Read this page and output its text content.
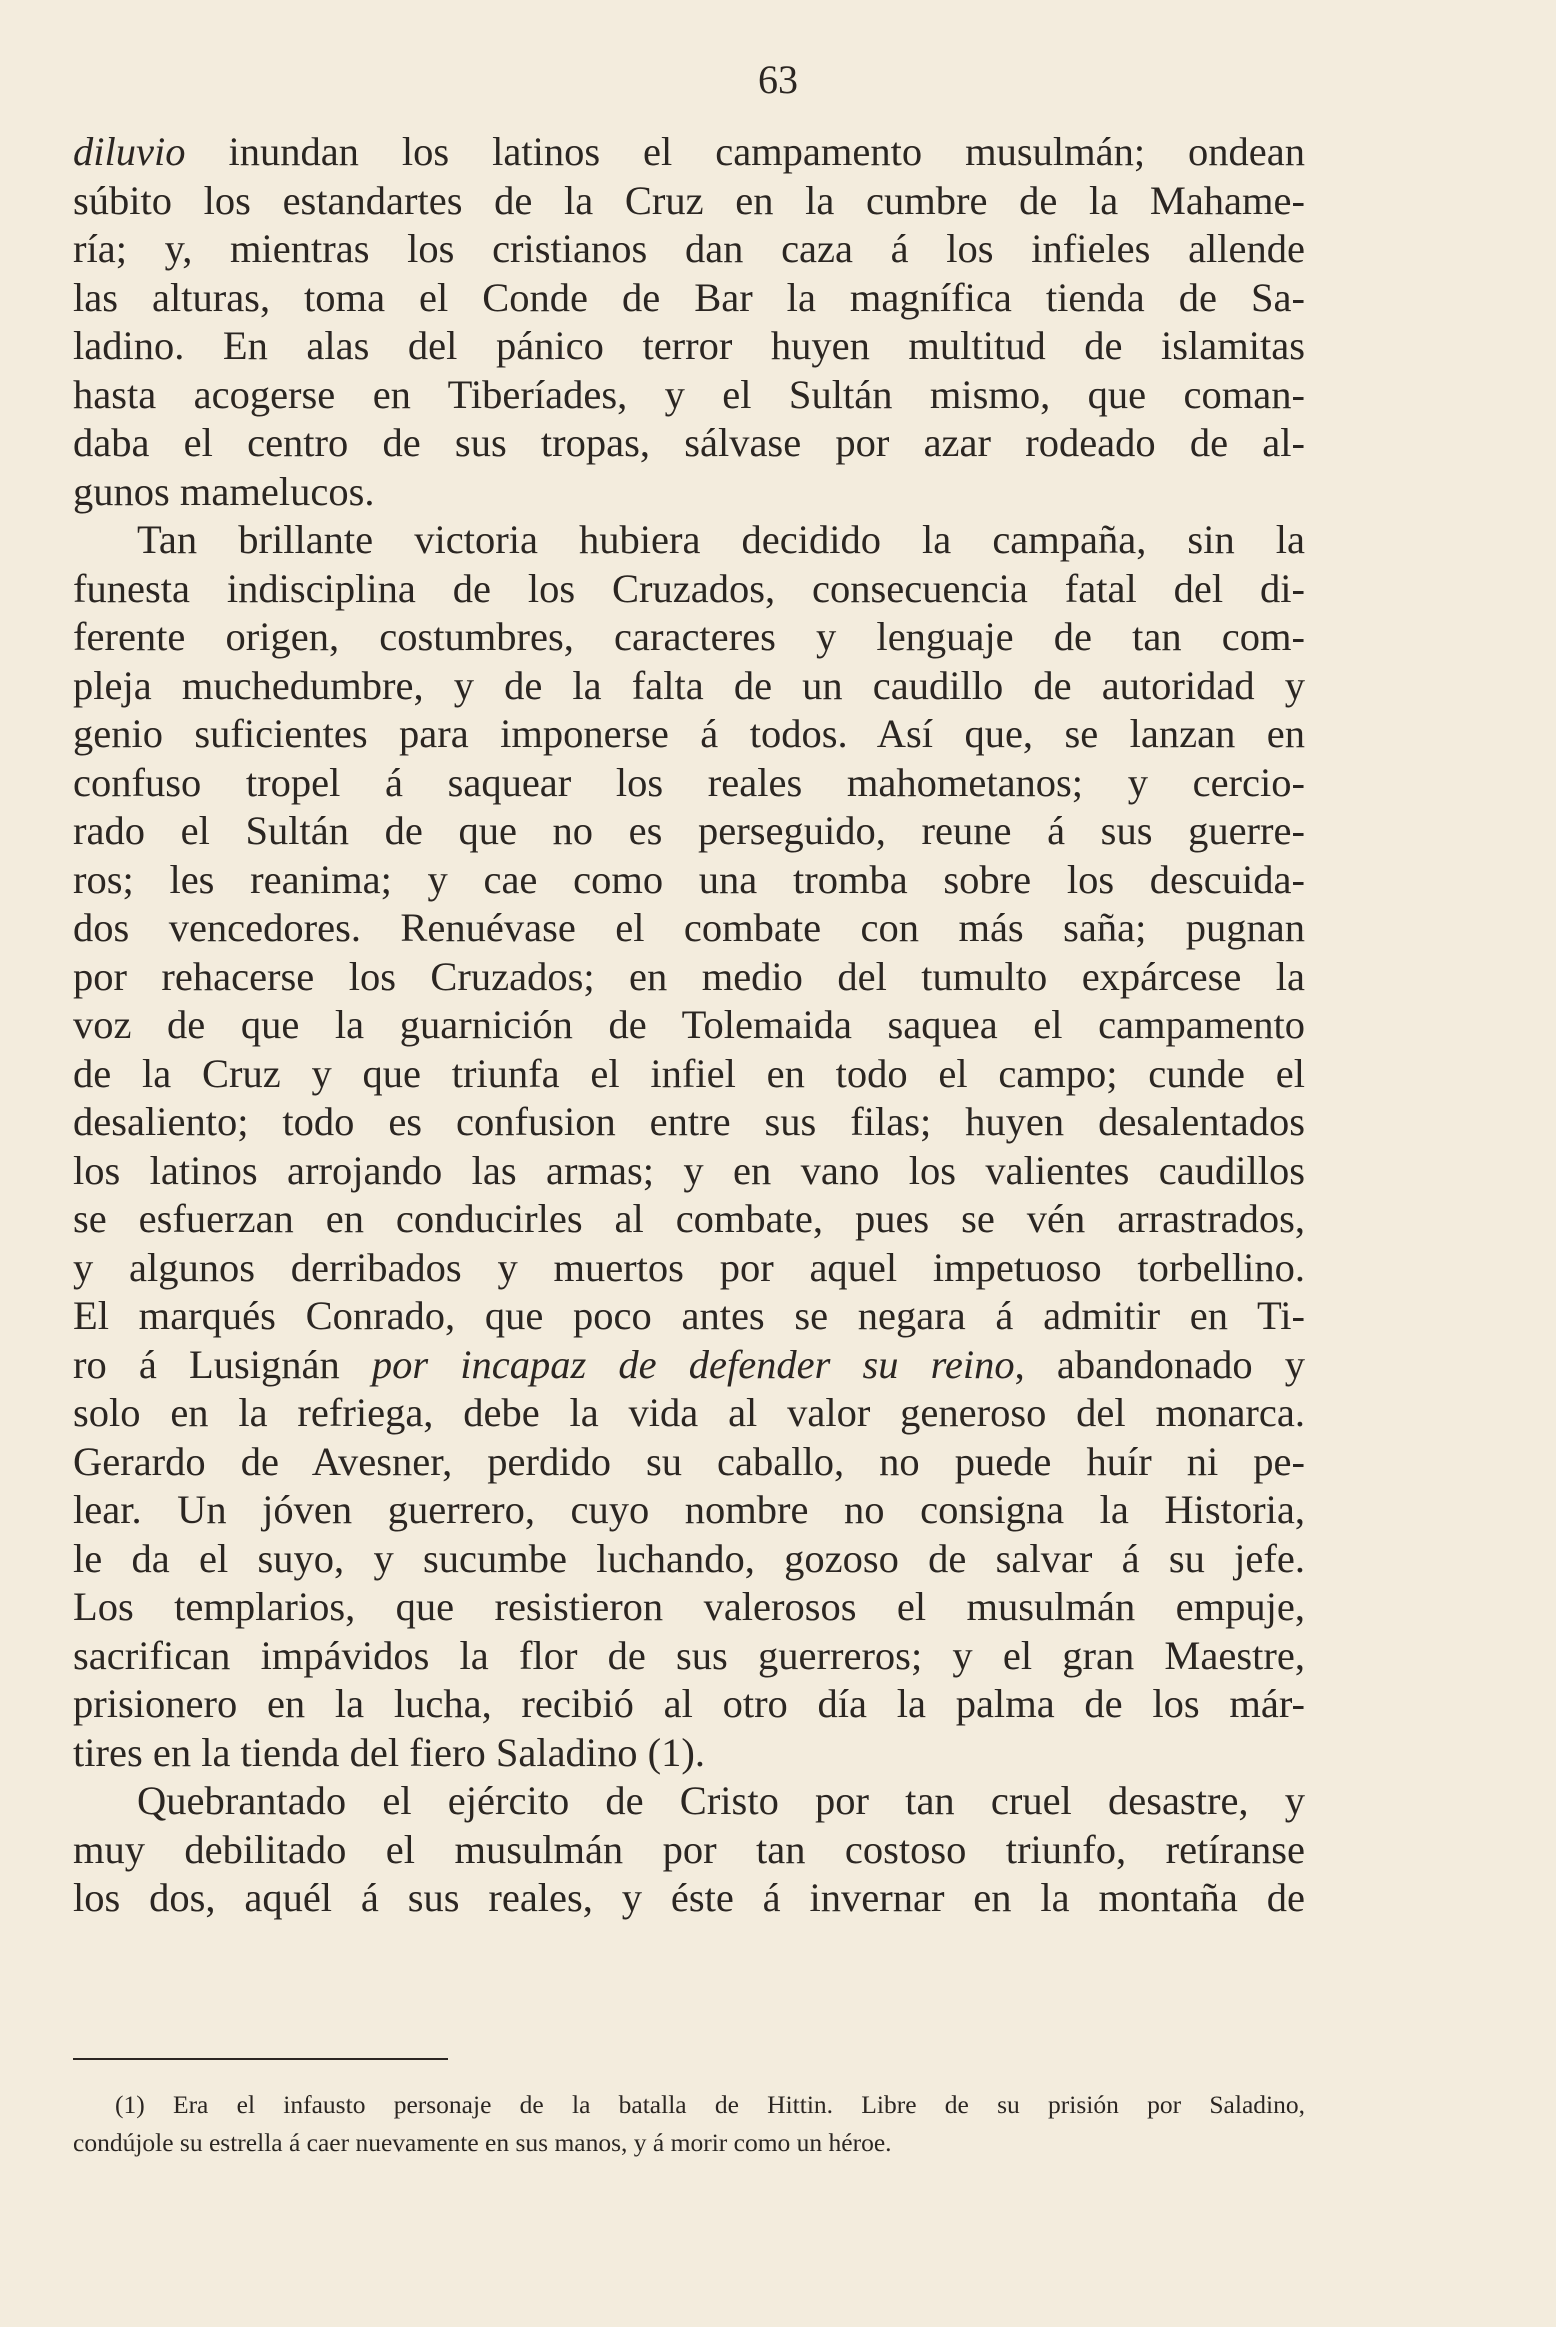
63
diluvio inundan los latinos el campamento musulmán; ondean
súbito los estandartes de la Cruz en la cumbre de la Mahame-
ría; y, mientras los cristianos dan caza á los infieles allende
las alturas, toma el Conde de Bar la magnífica tienda de Sa-
ladino. En alas del pánico terror huyen multitud de islamitas
hasta acogerse en Tiberíades, y el Sultán mismo, que coman-
daba el centro de sus tropas, sálvase por azar rodeado de al-
gunos mamelucos.
Tan brillante victoria hubiera decidido la campaña, sin la
funesta indisciplina de los Cruzados, consecuencia fatal del di-
ferente origen, costumbres, caracteres y lenguaje de tan com-
pleja muchedumbre, y de la falta de un caudillo de autoridad y
genio suficientes para imponerse á todos. Así que, se lanzan en
confuso tropel á saquear los reales mahometanos; y cercio-
rado el Sultán de que no es perseguido, reune á sus guerre-
ros; les reanima; y cae como una tromba sobre los descuida-
dos vencedores. Renuévase el combate con más saña; pugnan
por rehacerse los Cruzados; en medio del tumulto expárcese la
voz de que la guarnición de Tolemaida saquea el campamento
de la Cruz y que triunfa el infiel en todo el campo; cunde el
desaliento; todo es confusion entre sus filas; huyen desalentados
los latinos arrojando las armas; y en vano los valientes caudillos
se esfuerzan en conducirles al combate, pues se vén arrastrados,
y algunos derribados y muertos por aquel impetuoso torbellino.
El marqués Conrado, que poco antes se negara á admitir en Ti-
ro á Lusignán por incapaz de defender su reino, abandonado y
solo en la refriega, debe la vida al valor generoso del monarca.
Gerardo de Avesner, perdido su caballo, no puede huír ni pe-
lear. Un jóven guerrero, cuyo nombre no consigna la Historia,
le da el suyo, y sucumbe luchando, gozoso de salvar á su jefe.
Los templarios, que resistieron valerosos el musulmán empuje,
sacrifican impávidos la flor de sus guerreros; y el gran Maestre,
prisionero en la lucha, recibió al otro día la palma de los már-
tires en la tienda del fiero Saladino (1).
Quebrantado el ejército de Cristo por tan cruel desastre, y
muy debilitado el musulmán por tan costoso triunfo, retíranse
los dos, aquél á sus reales, y éste á invernar en la montaña de
(1) Era el infausto personaje de la batalla de Hittin. Libre de su prisión por Saladino,
condújole su estrella á caer nuevamente en sus manos, y á morir como un héroe.
